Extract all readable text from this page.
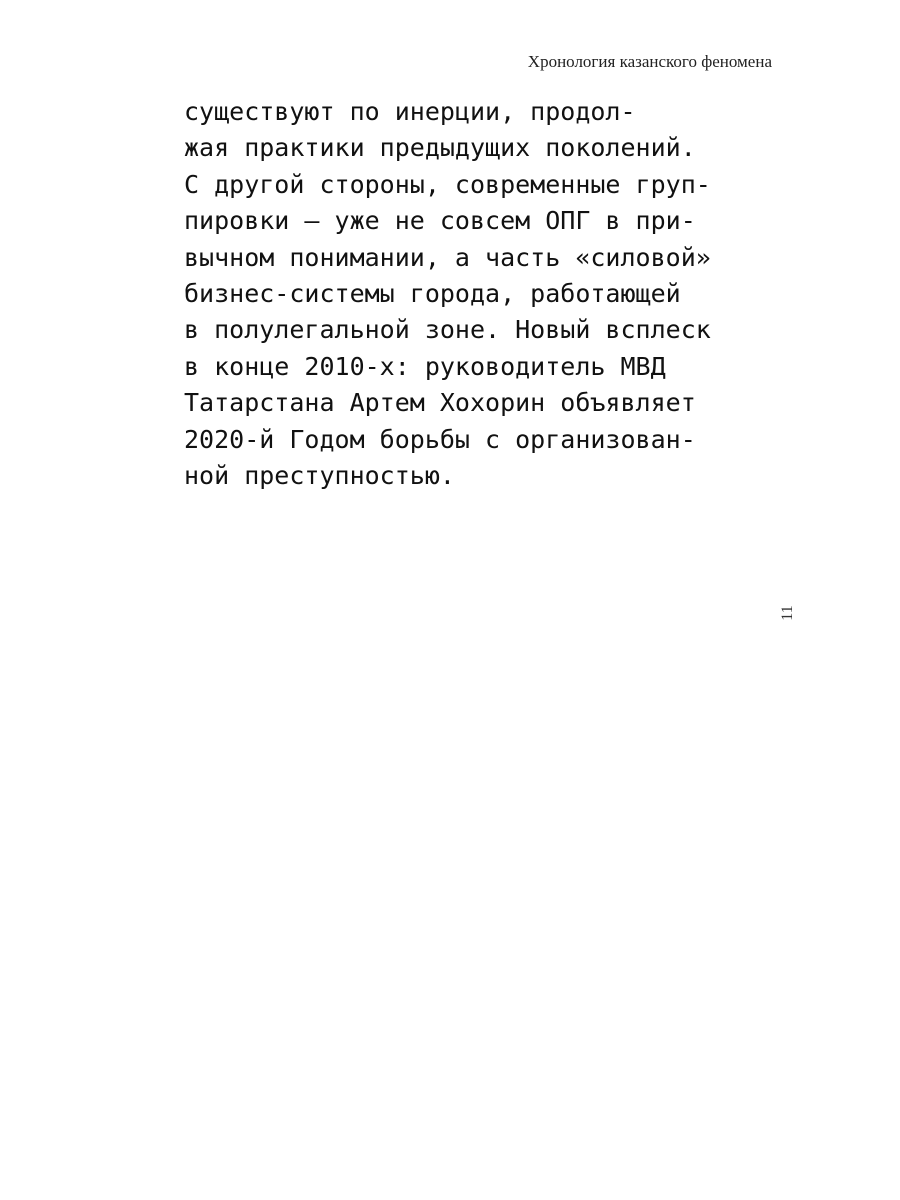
Хронология казанского феномена
существуют по инерции, продол-
жая практики предыдущих поколений.
С другой стороны, современные груп-
пировки — уже не совсем ОПГ в при-
вычном понимании, а часть «силовой»
бизнес-системы города, работающей
в полулегальной зоне. Новый всплеск
в конце 2010-х: руководитель МВД
Татарстана Артем Хохорин объявляет
2020-й Годом борьбы с организован-
ной преступностью.
11
